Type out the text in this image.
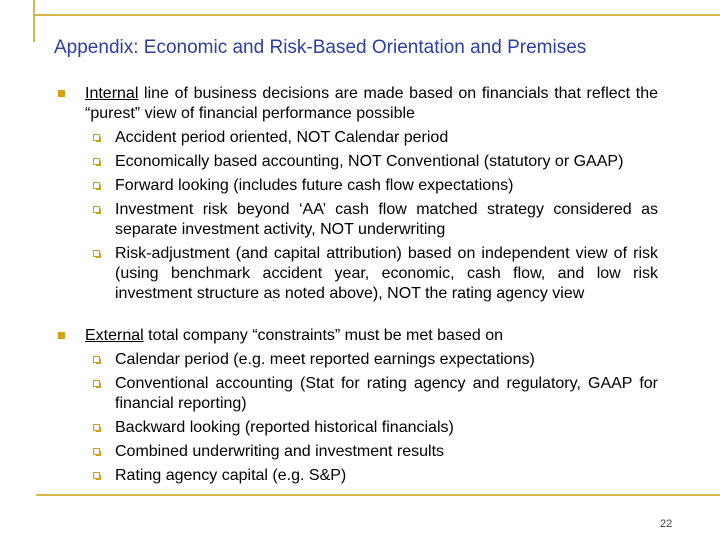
Appendix: Economic and Risk-Based Orientation and Premises
Internal line of business decisions are made based on financials that reflect the “purest” view of financial performance possible
Accident period oriented, NOT Calendar period
Economically based accounting, NOT Conventional (statutory or GAAP)
Forward looking (includes future cash flow expectations)
Investment risk beyond ‘AA’ cash flow matched strategy considered as separate investment activity, NOT underwriting
Risk-adjustment (and capital attribution) based on independent view of risk (using benchmark accident year, economic, cash flow, and low risk investment structure as noted above), NOT the rating agency view
External total company “constraints” must be met based on
Calendar period (e.g. meet reported earnings expectations)
Conventional accounting (Stat for rating agency and regulatory, GAAP for financial reporting)
Backward looking (reported historical financials)
Combined underwriting and investment results
Rating agency capital (e.g. S&P)
22
